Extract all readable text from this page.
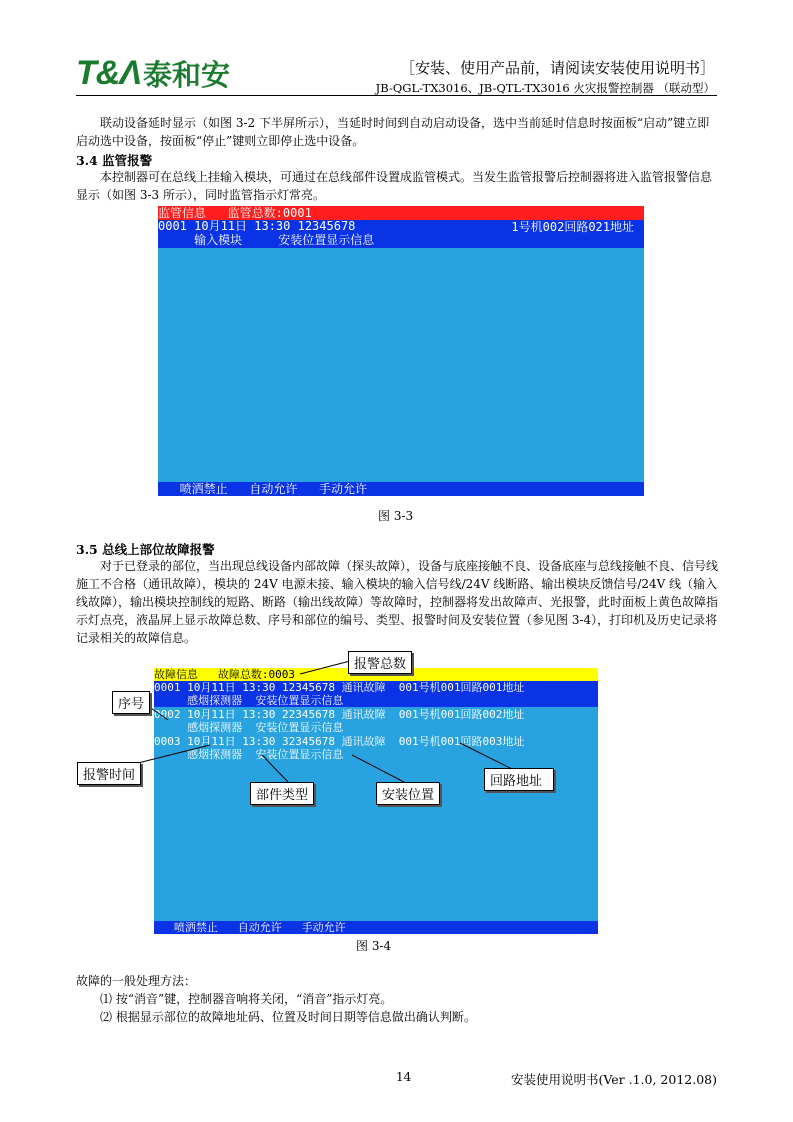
T&Λ 泰和安	［安装、使用产品前，请阅读安装使用说明书］
JB-QGL-TX3016、JB-QTL-TX3016 火灾报警控制器 （联动型）
联动设备延时显示（如图 3-2 下半屏所示），当延时时间到自动启动设备，选中当前延时信息时按面板“启动”键立即启动选中设备，按面板“停止”键则立即停止选中设备。
3.4 监管报警
本控制器可在总线上挂输入模块，可通过在总线部件设置成监管模式。当发生监管报警后控制器将进入监管报警信息显示（如图 3-3 所示），同时监管指示灯常亮。
监管信息   监管总数:0001

0001 10月11日 13:30 12345678

	1号机002回路021地址

输入模块     安装位置显示信息

喷洒禁止   自动允许   手动允许
图 3-3
3.5 总线上部位故障报警
对于已登录的部位，当出现总线设备内部故障（探头故障），设备与底座接触不良、设备底座与总线接触不良、信号线施工不合格（通讯故障），模块的 24V 电源未接、输入模块的输入信号线/24V 线断路、输出模块反馈信号/24V 线（输入线故障），输出模块控制线的短路、断路（输出线故障）等故障时，控制器将发出故障声、光报警，此时面板上黄色故障指示灯点亮，液晶屏上显示故障总数、序号和部位的编号、类型、报警时间及安装位置（参见图 3-4），打印机及历史记录将记录相关的故障信息。
故障信息   故障总数:0003

0001 10月11日 13:30 12345678 通讯故障  001号机001回路001地址

感烟探测器  安装位置显示信息

0002 10月11日 13:30 22345678 通讯故障  001号机001回路002地址
感烟探测器  安装位置显示信息
0003 10月11日 13:30 32345678 通讯故障  001号机001回路003地址
感烟探测器  安装位置显示信息
喷洒禁止   自动允许   手动允许
报警总数
序号
报警时间
部件类型	安装位置
回路地址
图 3-4
故障的一般处理方法：
⑴ 按“消音”键，控制器音响将关闭，“消音”指示灯亮。
⑵ 根据显示部位的故障地址码、位置及时间日期等信息做出确认判断。
14	安装使用说明书(Ver .1.0, 2012.08)
